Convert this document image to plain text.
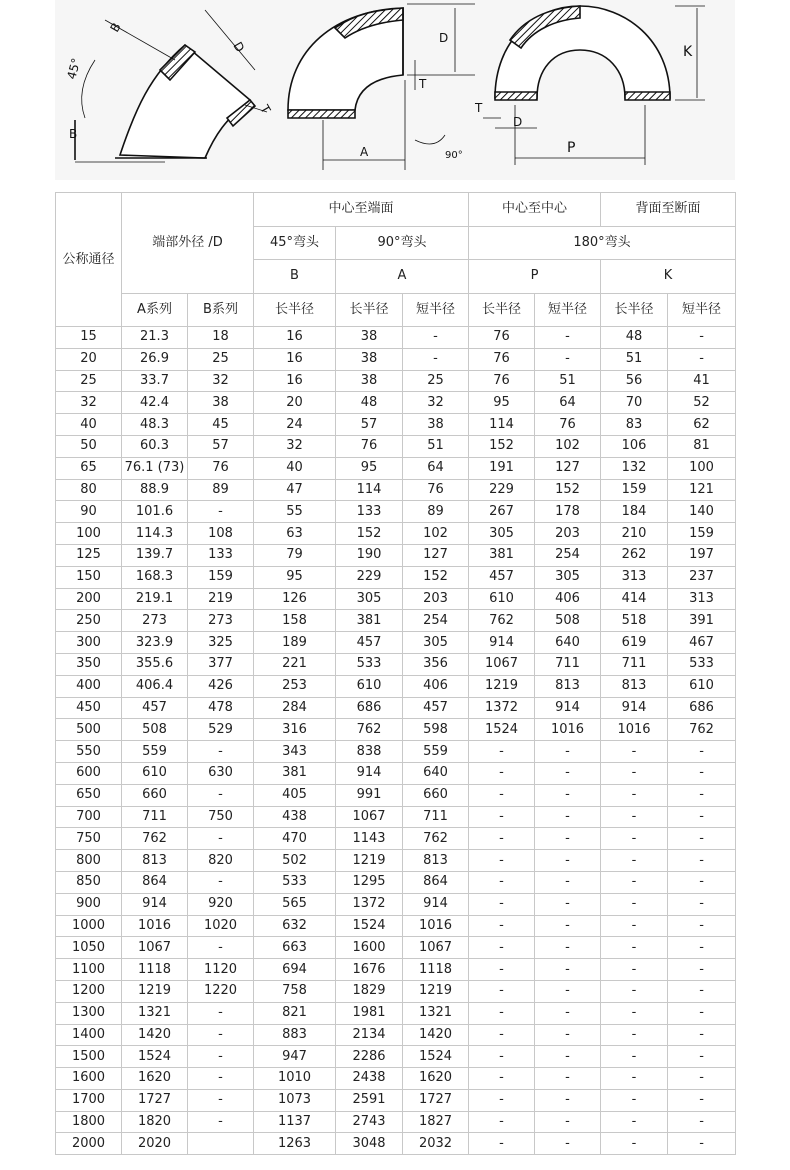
B
45°
B
D
T
D
T
A	90°
K
T
D
P
公称通径	端部外径 /D		中心至端面			中心至中心		背面至断面	
			45°弯头	90°弯头		180°弯头			
			B	A		P		K	
	A系列	B系列	长半径	长半径	短半径	长半径	短半径	长半径	短半径
15	21.3	18	16	38	-	76	-	48	-
20	26.9	25	16	38	-	76	-	51	-
25	33.7	32	16	38	25	76	51	56	41
32	42.4	38	20	48	32	95	64	70	52
40	48.3	45	24	57	38	114	76	83	62
50	60.3	57	32	76	51	152	102	106	81
65	76.1 (73)	76	40	95	64	191	127	132	100
80	88.9	89	47	114	76	229	152	159	121
90	101.6	-	55	133	89	267	178	184	140
100	114.3	108	63	152	102	305	203	210	159
125	139.7	133	79	190	127	381	254	262	197
150	168.3	159	95	229	152	457	305	313	237
200	219.1	219	126	305	203	610	406	414	313
250	273	273	158	381	254	762	508	518	391
300	323.9	325	189	457	305	914	640	619	467
350	355.6	377	221	533	356	1067	711	711	533
400	406.4	426	253	610	406	1219	813	813	610
450	457	478	284	686	457	1372	914	914	686
500	508	529	316	762	598	1524	1016	1016	762
550	559	-	343	838	559	-	-	-	-
600	610	630	381	914	640	-	-	-	-
650	660	-	405	991	660	-	-	-	-
700	711	750	438	1067	711	-	-	-	-
750	762	-	470	1143	762	-	-	-	-
800	813	820	502	1219	813	-	-	-	-
850	864	-	533	1295	864	-	-	-	-
900	914	920	565	1372	914	-	-	-	-
1000	1016	1020	632	1524	1016	-	-	-	-
1050	1067	-	663	1600	1067	-	-	-	-
1100	1118	1120	694	1676	1118	-	-	-	-
1200	1219	1220	758	1829	1219	-	-	-	-
1300	1321	-	821	1981	1321	-	-	-	-
1400	1420	-	883	2134	1420	-	-	-	-
1500	1524	-	947	2286	1524	-	-	-	-
1600	1620	-	1010	2438	1620	-	-	-	-
1700	1727	-	1073	2591	1727	-	-	-	-
1800	1820	-	1137	2743	1827	-	-	-	-
2000	2020		1263	3048	2032	-	-	-	-
